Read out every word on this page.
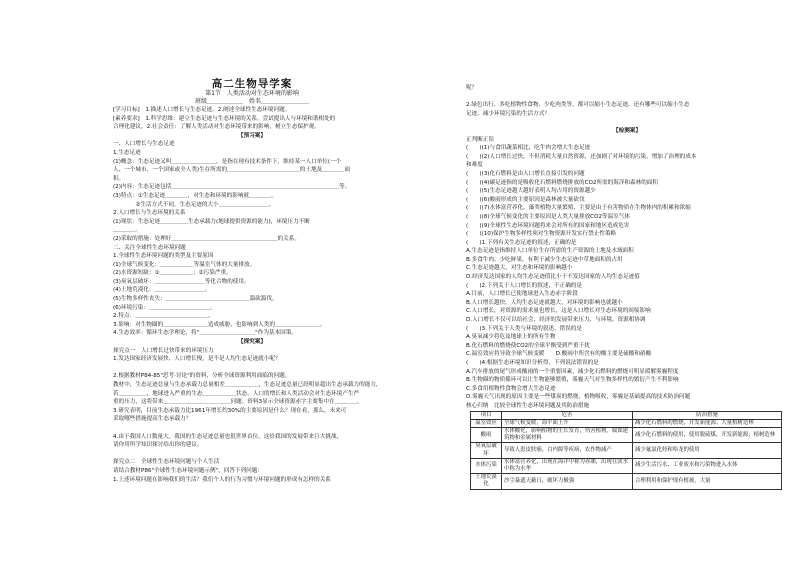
高二生物导学案
第1节　人类活动对生态环境的影响
班级＿＿＿＿＿＿　姓名＿＿＿＿＿＿＿＿
[学习目标]　1.描述人口增长与生态足迹。2.阐述全球性生态环境问题。
[素养要求]　1.科学思维：建立生态足迹与生态环境的关系，尝试提出人与环境和谐相处的
合理化建议。2.社会责任：了解人类活动对生态环境带来的影响，树立生态保护观。
【预习案】
一、人口增长与生态足迹
1.生态足迹
(1)概念：生态足迹又叫＿＿＿＿＿＿＿＿，是指在现有技术条件下，维持某一人口单位(一个
人、一个城市、一个国家或全人类)生存所需的＿＿＿＿＿＿＿＿＿＿＿＿＿的土地及＿＿＿＿面
积。
(2)内容：生态足迹包括＿＿＿＿＿＿＿＿＿＿＿＿＿＿＿＿＿＿＿＿＿＿＿＿＿＿＿＿＿＿等。
(3)特点：①生态足迹＿＿＿＿，对生态和环境的影响就＿＿＿＿。
　　　　②生活方式不同，生态足迹的大小＿＿＿＿＿＿＿＿＿。
2.人口增长与生态环境的关系
(1)现状：生态足迹＿＿＿＿＿生态承载力(地球提供资源的能力)，环境压力不断
＿＿＿＿。
(2)采取的措施：处理好＿＿＿＿＿＿＿＿＿＿＿＿＿＿＿＿＿＿＿的关系。
二、关注全球性生态环境问题
1.全球性生态环境问题的类型及主要原因
(1)全球气候变化：＿＿＿＿＿＿等温室气体的大量排放。
(2)水资源短缺：①＿＿＿＿＿＿；②污染严重。
(3)臭氧层破坏：＿＿＿＿＿＿＿＿＿等化合物的使用。
(4)土地荒漠化：＿＿＿＿＿＿＿＿＿。
(5)生物多样性丧失：＿＿＿＿＿＿＿＿＿＿＿＿＿＿＿滥砍滥伐。
(6)环境污染：＿＿＿＿＿＿＿＿＿＿＿。
2.特点：＿＿＿＿＿＿＿＿＿＿＿＿＿。
3.影响：对生物圈的＿＿＿＿＿＿＿＿造成威胁，也影响到人类的＿＿＿＿＿＿＿＿。
4.生态效率：循环生态学理论，将"＿＿＿＿＿＿＿＿＿＿"作为基本国策。
【探究案】
探究点一　人口增长过快带来的环境压力
1.发达国家经济发展快、人口增长慢，是不是人均生态足迹就小呢？
2.根据教材P84-85"思考·讨论"的资料，分析全球资源利用面临的问题。
教材中，生态足迹总量与生态承载力总量相差＿＿＿＿＿＿，生态足迹总量已经明显超出生态承载力的能力，
若＿＿＿＿＿，地球进入严重的生态＿＿＿＿＿＿状态。人口的增长和人类活动会对生态环境产生严
重的压力，这将带来＿＿＿＿＿＿＿＿＿＿＿＿问题。资料3显示全球资源赤字主要集中在＿＿＿＿。
3.研究表明，目前生态承载力比1961年增长约30%的主要原因是什么？现在看，那么，未来可
采取哪些措施提高生态承载力？
4.由于我国人口数量大，我国的生态足迹总量也很世界首位，这给我国的发展带来巨大挑战，
请你用所学知识探讨给出你的建议。
探究点二　全球性生态环境问题与个人生活
请结合教材P86"全球性生态环境问题示例"，回答下列问题：
1.上述环境问题在影响我们的生活？我们个人的行为习惯与环境问题的形成有怎样的关系
呢？
2.绿色出行、多吃植物性食物、少吃肉类等，都可以缩小生态足迹，还有哪些可以缩小生态
足迹、减少环境污染的生活方式？
【检测案】
正判断正误
(　　)(1)与食用蔬菜相比，吃牛肉会增大生态足迹
(　　)(2)人口增长过快，不但消耗大量自然资源，还加剧了对环境的污染，增加了治理的成本
和难度
(　　)(3)化石燃料是由人口增长直接引发的问题
(　　)(4)碳足迹指的是吸收化石燃料燃烧排放的CO2所需的海洋和森林的面积
(　　)(5)生态足迹越大越好表明人均占用的资源越少
(　　)(6)酸雨形成的主要原因是森林被大量砍伐
(　　)(7)水体富营养化、藻类植物大量繁殖，主要是由于有害物质在生物体内的积累和浓缩
(　　)(8)全球气候变化的主要原因是人类大量排放CO2等温室气体
(　　)(9)全球性生态环境问题将来会对所有的国家和地区造成危害
(　　)(10)保护生物多样性须对生物资源开发实行禁止性策略
(　　)1.下列有关生态足迹的叙述，正确的是
A.生态足迹是指维持人口单位生存所需的生产资源的土地及水域面积
B.多食牛肉、少吃鲜果，有利于减少生态足迹中草地面积的占用
C.生态足迹越大，对生态和环境的影响越小
D.经济发达国家的人均生态足迹值比小于不发达国家的人均生态足迹值
(　　)2.下列关于人口增长的叙述，不正确的是
A.目前，人口增长已使地球进入生态赤字阶段
B.人口增长越快，人均生态足迹就越大，对环境的影响也就越小
C.人口增长，对资源的需求量也增长，这是人口增长对生态环境的间接影响
D.人口增长不仅可以给社会、经济的发展带来压力，与环境、资源相协调
(　　)3.下列关于人类与环境的叙述，错误的是
A.臭氧减少将危及地球上的所有生物
B.化石燃料的燃烧使CO2的全球平衡受到严重干扰
C.温室效应将导致全球气候变暖　　D.酸雨中所含有的酸主要是硫酸和硝酸
(　　)4.根据生态环境知识分析得，下列说法错误的是
A.汽车排放的尾气形成酸雨的一个重要因素，减少化石燃料的燃烧可明显缓解雾霾程度
B.生物圈的物质循环可以让生物能够繁殖，雾霾天气对生物多样性的繁衍产生不利影响
C.多食用植物性食物会增大生态足迹
D.雾霾天气出现的原因主要是一些煤炭的燃烧，植物吸收，雾霾是基础提高的技术防治问题
核心归纳　比较全球性生态环境问题及其防治措施
项目	危害	防治措施
温室效应	全球气候变暖，海平面上升	减少化石燃料的燃烧，开发新能源；大量植树造林
酸雨	水体酸化，影响植物的生长发育，伤害植物，腐蚀建筑物和金属材料	减少化石燃料的使用，使用脱硫煤，开发新能源；植树造林
臭氧层破坏	导致人患皮肤癌、白内障等疾病，农作物减产	减少氟氯化烃和哈龙的使用
水体污染	水体富营养化，出现在海洋中称为赤潮，出现在淡水中称为水华	减少生活污水、工业废水和污染物进入水体
土地荒漠化	沙尘暴遮天蔽日，破坏力极强	合理利用和保护现有植被，大量
